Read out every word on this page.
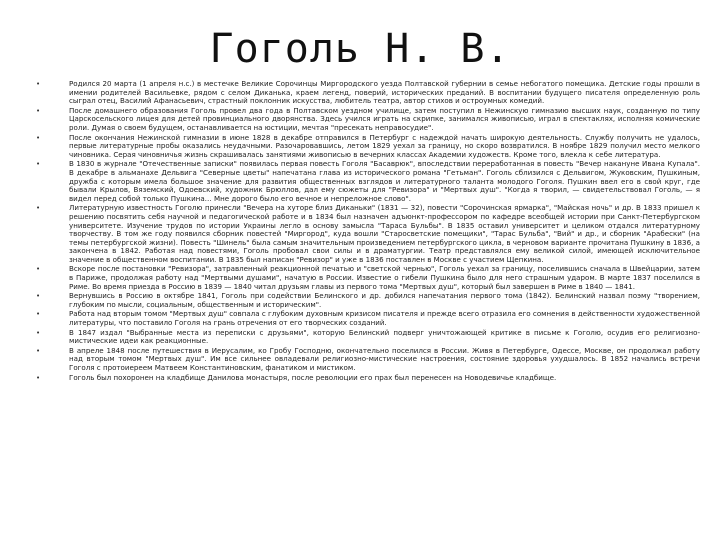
Гоголь Н. В.
•	Родился 20 марта (1 апреля н.с.) в местечке Великие Сорочинцы Миргородского уезда Полтавской губернии в семье небогатого помещика. Детские годы прошли в имении родителей Васильевке, рядом с селом Диканька, краем легенд, поверий, исторических преданий. В воспитании будущего писателя определенную роль сыграл отец, Василий Афанасьевич, страстный поклонник искусства, любитель театра, автор стихов и остроумных комедий.
•	После домашнего образования Гоголь провел два года в Полтавском уездном училище, затем поступил в Нежинскую гимназию высших наук, созданную по типу Царскосельского лицея для детей провинциального дворянства. Здесь учился играть на скрипке, занимался живописью, играл в спектаклях, исполняя комические роли. Думая о своем будущем, останавливается на юстиции, мечтая "пресекать неправосудие".
•	После окончания Нежинской гимназии в июне 1828 в декабре отправился в Петербург с надеждой начать широкую деятельность. Службу получить не удалось, первые литературные пробы оказались неудачными. Разочаровавшись, летом 1829 уехал за границу, но скоро возвратился. В ноябре 1829 получил место мелкого чиновника. Серая чиновничья жизнь скрашивалась занятиями живописью в вечерних классах Академии художеств. Кроме того, влекла к себе литература.
•	В 1830 в журнале "Отечественные записки" появилась первая повесть Гоголя "Басаврюк", впоследствии переработанная в повесть "Вечер накануне Ивана Купала". В декабре в альманахе Дельвига "Северные цветы" напечатана глава из исторического романа "Гетьман". Гоголь сблизился с Дельвигом, Жуковским, Пушкиным, дружба с которым имела большое значение для развития общественных взглядов и литературного таланта молодого Гоголя. Пушкин ввел его в свой круг, где бывали Крылов, Вяземский, Одоевский, художник Брюллов, дал ему сюжеты для "Ревизора" и "Мертвых душ". "Когда я творил, — свидетельствовал Гоголь, — я видел перед собой только Пушкина… Мне дорого было его вечное и непреложное слово".
•	Литературную известность Гоголю принесли "Вечера на хуторе близ Диканьки" (1831 — 32), повести "Сорочинская ярмарка", "Майская ночь" и др. В 1833 пришел к решению посвятить себя научной и педагогической работе и в 1834 был назначен адъюнкт-профессором по кафедре всеобщей истории при Санкт-Петербургском университете. Изучение трудов по истории Украины легло в основу замысла "Тараса Бульбы". В 1835 оставил университет и целиком отдался литературному творчеству. В том же году появился сборник повестей "Миргород", куда вошли "Старосветские помещики", "Тарас Бульба", "Вий" и др., и сборник "Арабески" (на темы петербургской жизни). Повесть "Шинель" была самым значительным произведением петербургского цикла, в черновом варианте прочитана Пушкину в 1836, а закончена в 1842. Работая над повестями, Гоголь пробовал свои силы и в драматургии. Театр представлялся ему великой силой, имеющей исключительное значение в общественном воспитании. В 1835 был написан "Ревизор" и уже в 1836 поставлен в Москве с участием Щепкина.
•	Вскоре после постановки "Ревизора", затравленный реакционной печатью и "светской чернью", Гоголь уехал за границу, поселившись сначала в Швейцарии, затем в Париже, продолжая работу над "Мертвыми душами", начатую в России. Известие о гибели Пушкина было для него страшным ударом. В марте 1837 поселился в Риме. Во время приезда в Россию в 1839 — 1840 читал друзьям главы из первого тома "Мертвых душ", который был завершен в Риме в 1840 — 1841.
•	Вернувшись в Россию в октябре 1841, Гоголь при содействии Белинского и др. добился напечатания первого тома (1842). Белинский назвал поэму "творением, глубоким по мысли, социальным, общественным и историческим".
•	Работа над вторым томом "Мертвых душ" совпала с глубоким духовным кризисом писателя и прежде всего отразила его сомнения в действенности художественной литературы, что поставило Гоголя на грань отречения от его творческих созданий.
•	В 1847 издал "Выбранные места из переписки с друзьями", которую Белинский подверг уничтожающей критике в письме к Гоголю, осудив его религиозно-мистические идеи как реакционные.
•	В апреле 1848 после путешествия в Иерусалим, ко Гробу Господню, окончательно поселился в России. Живя в Петербурге, Одессе, Москве, он продолжал работу над вторым томом "Мертвых душ". Им все сильнее овладевали религиозно-мистические настроения, состояние здоровья ухудшалось. В 1852 начались встречи Гоголя с протоиереем Матвеем Константиновским, фанатиком и мистиком.
•	Гоголь был похоронен на кладбище Данилова монастыря, после революции его прах был перенесен на Новодевичье кладбище.
